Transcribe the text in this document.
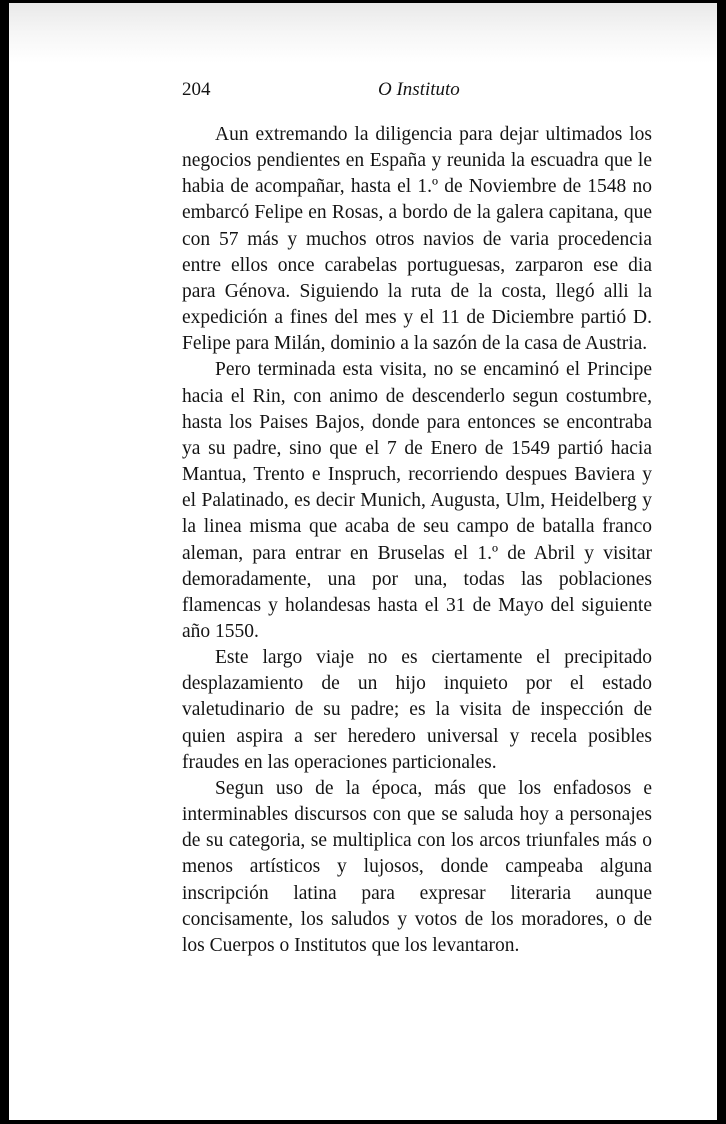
204	O Instituto

Aun extremando la diligencia para dejar ultimados los negocios pendientes en España y reunida la escuadra que le habia de acompañar, hasta el 1.º de Noviembre de 1548 no embarcó Felipe en Rosas, a bordo de la galera capitana, que con 57 más y muchos otros navios de varia procedencia entre ellos once carabelas portuguesas, zarparon ese dia para Génova. Siguiendo la ruta de la costa, llegó alli la expedición a fines del mes y el 11 de Diciembre partió D. Felipe para Milán, dominio a la sazón de la casa de Austria.

Pero terminada esta visita, no se encaminó el Principe hacia el Rin, con animo de descenderlo segun costumbre, hasta los Paises Bajos, donde para entonces se encontraba ya su padre, sino que el 7 de Enero de 1549 partió hacia Mantua, Trento e Inspruch, recorriendo despues Baviera y el Palatinado, es decir Munich, Augusta, Ulm, Heidelberg y la linea misma que acaba de seu campo de batalla franco aleman, para entrar en Bruselas el 1.º de Abril y visitar demoradamente, una por una, todas las poblaciones flamencas y holandesas hasta el 31 de Mayo del siguiente año 1550.

Este largo viaje no es ciertamente el precipitado desplazamiento de un hijo inquieto por el estado valetudinario de su padre; es la visita de inspección de quien aspira a ser heredero universal y recela posibles fraudes en las operaciones particionales.

Segun uso de la época, más que los enfadosos e interminables discursos con que se saluda hoy a personajes de su categoria, se multiplica con los arcos triunfales más o menos artísticos y lujosos, donde campeaba alguna inscripción latina para expresar literaria aunque concisamente, los saludos y votos de los moradores, o de los Cuerpos o Institutos que los levantaron.
